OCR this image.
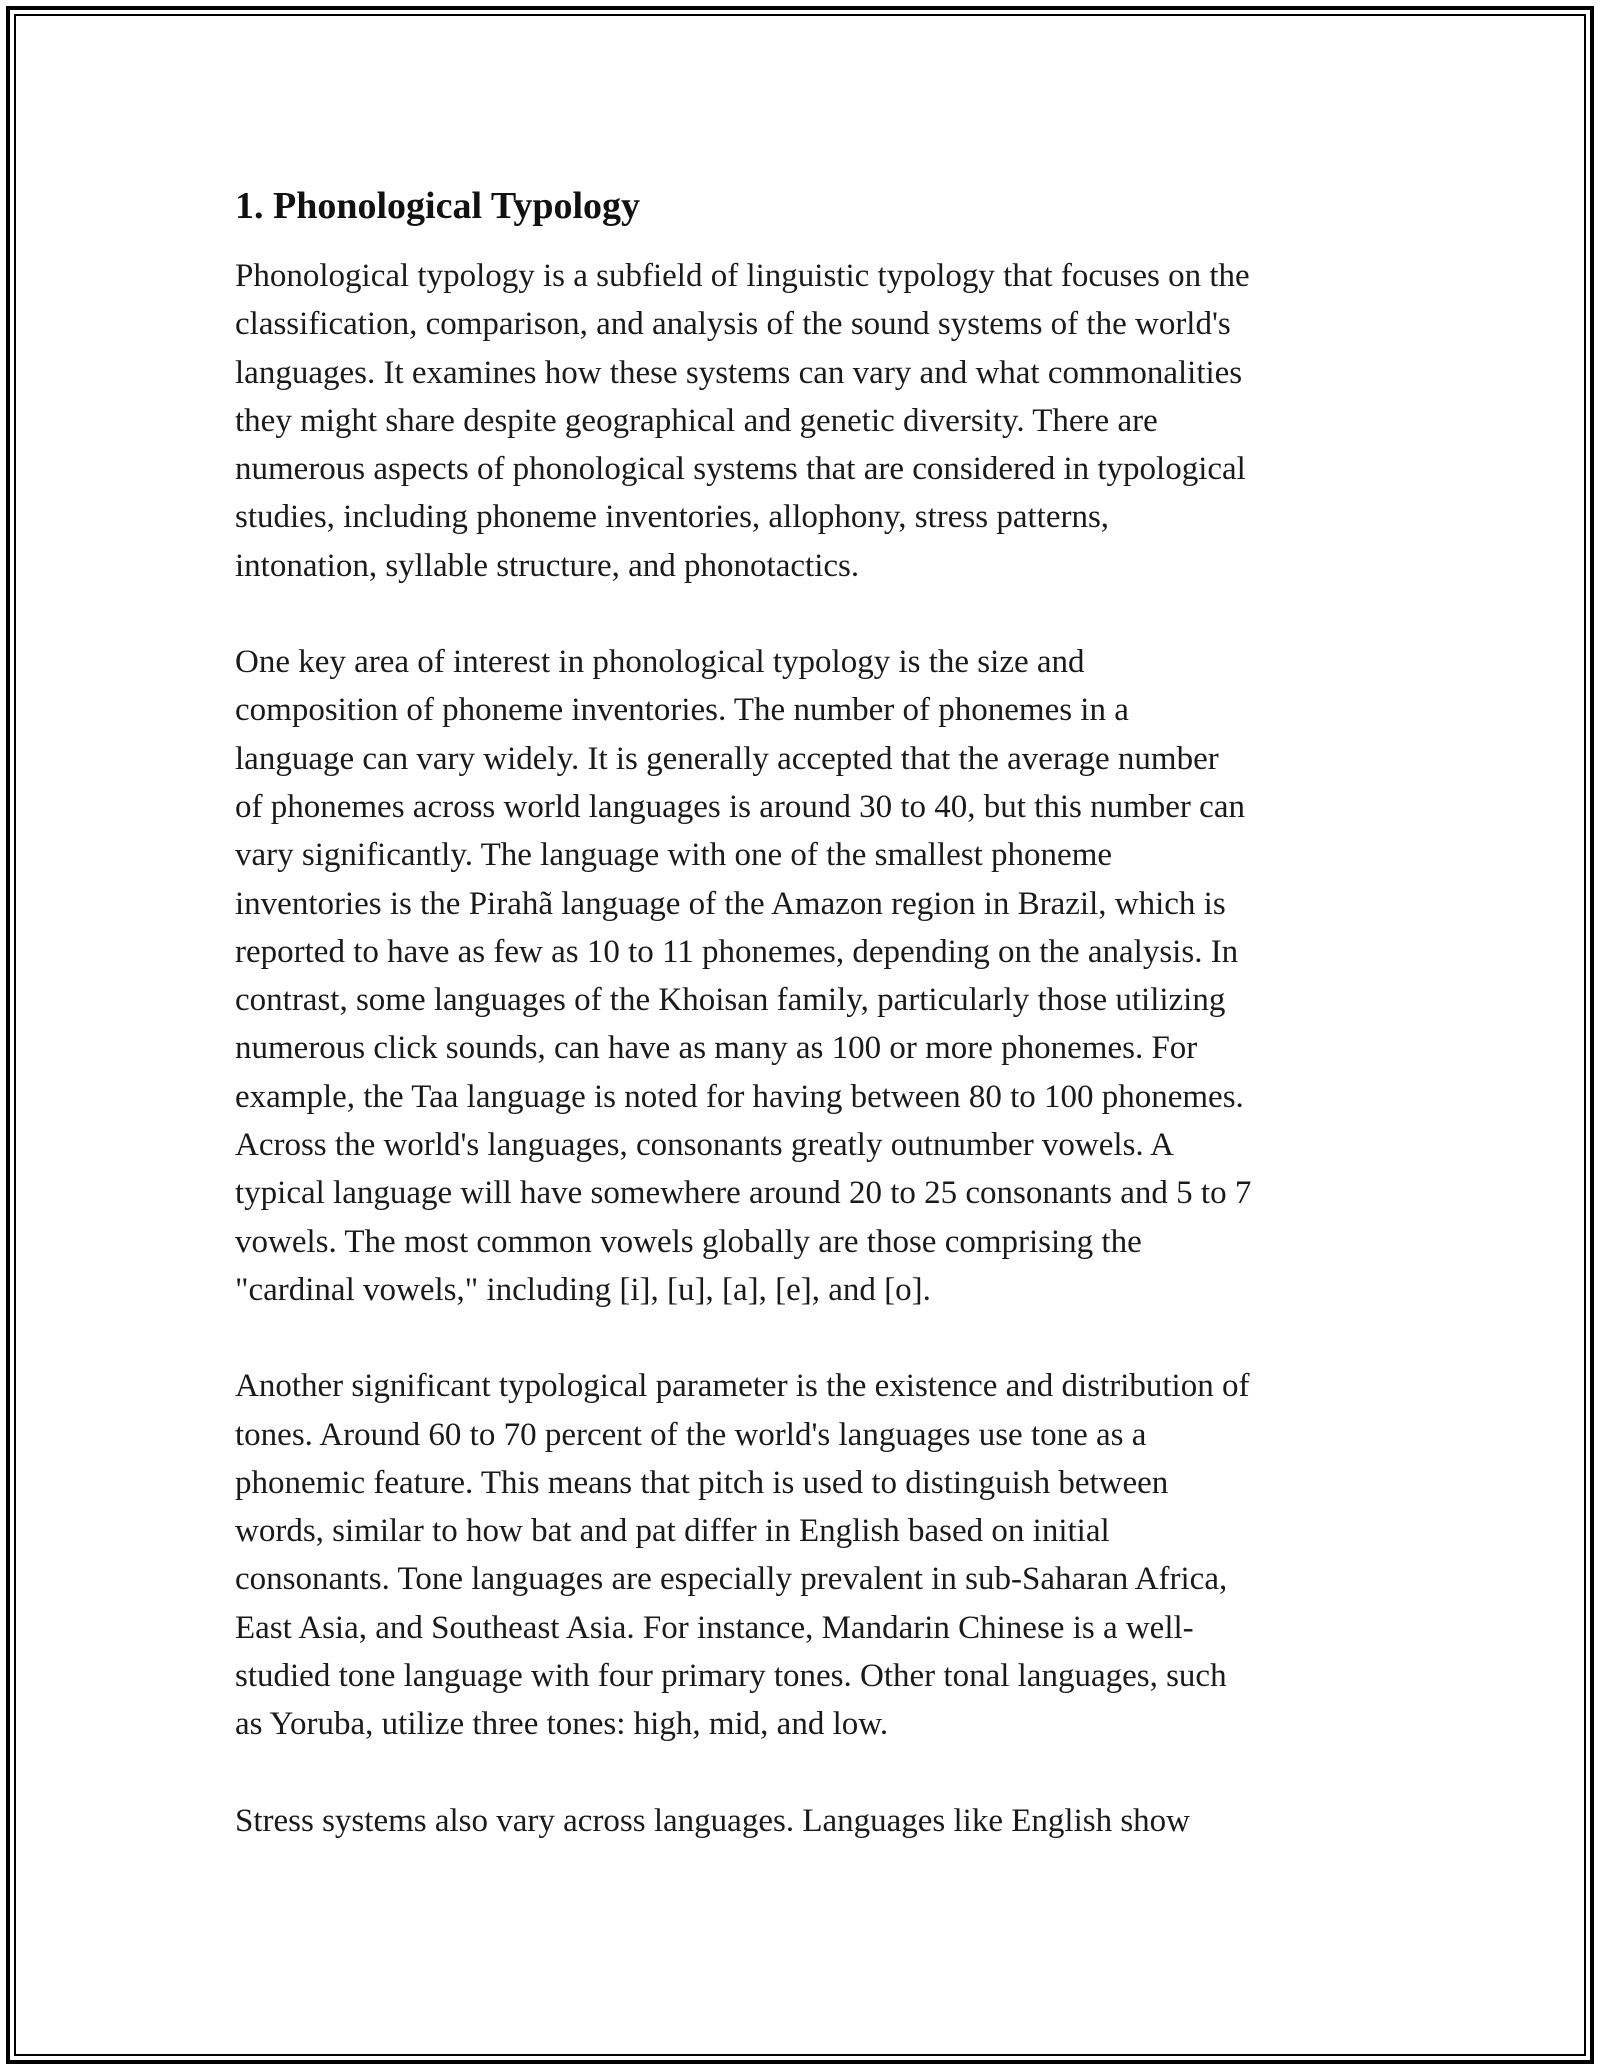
1. Phonological Typology

Phonological typology is a subfield of linguistic typology that focuses on the
classification, comparison, and analysis of the sound systems of the world's
languages. It examines how these systems can vary and what commonalities
they might share despite geographical and genetic diversity. There are
numerous aspects of phonological systems that are considered in typological
studies, including phoneme inventories, allophony, stress patterns,
intonation, syllable structure, and phonotactics.

One key area of interest in phonological typology is the size and
composition of phoneme inventories. The number of phonemes in a
language can vary widely. It is generally accepted that the average number
of phonemes across world languages is around 30 to 40, but this number can
vary significantly. The language with one of the smallest phoneme
inventories is the Pirahã language of the Amazon region in Brazil, which is
reported to have as few as 10 to 11 phonemes, depending on the analysis. In
contrast, some languages of the Khoisan family, particularly those utilizing
numerous click sounds, can have as many as 100 or more phonemes. For
example, the Taa language is noted for having between 80 to 100 phonemes.
Across the world's languages, consonants greatly outnumber vowels. A
typical language will have somewhere around 20 to 25 consonants and 5 to 7
vowels. The most common vowels globally are those comprising the
"cardinal vowels," including [i], [u], [a], [e], and [o].

Another significant typological parameter is the existence and distribution of
tones. Around 60 to 70 percent of the world's languages use tone as a
phonemic feature. This means that pitch is used to distinguish between
words, similar to how bat and pat differ in English based on initial
consonants. Tone languages are especially prevalent in sub-Saharan Africa,
East Asia, and Southeast Asia. For instance, Mandarin Chinese is a well-
studied tone language with four primary tones. Other tonal languages, such
as Yoruba, utilize three tones: high, mid, and low.

Stress systems also vary across languages. Languages like English show
